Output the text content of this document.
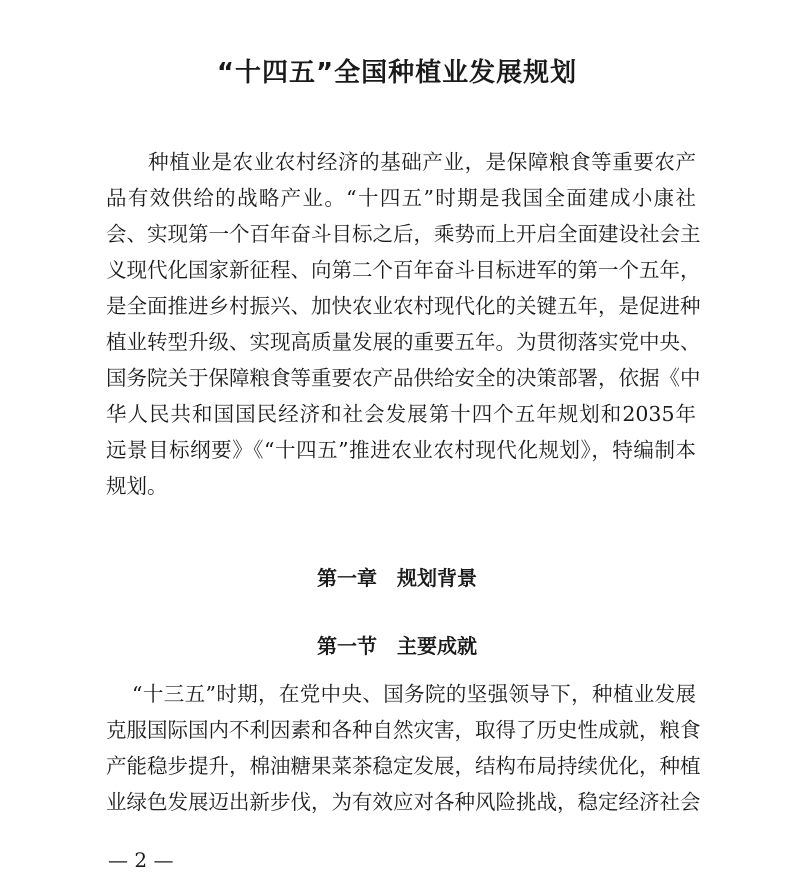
“十四五”全国种植业发展规划
　　种植业是农业农村经济的基础产业，是保障粮食等重要农产
品有效供给的战略产业。“十四五”时期是我国全面建成小康社
会、实现第一个百年奋斗目标之后，乘势而上开启全面建设社会主
义现代化国家新征程、向第二个百年奋斗目标进军的第一个五年，
是全面推进乡村振兴、加快农业农村现代化的关键五年，是促进种
植业转型升级、实现高质量发展的重要五年。为贯彻落实党中央、
国务院关于保障粮食等重要农产品供给安全的决策部署，依据《中
华人民共和国国民经济和社会发展第十四个五年规划和2035年
远景目标纲要》《“十四五”推进农业农村现代化规划》，特编制本
规划。
第一章　规划背景
第一节　主要成就
“十三五”时期，在党中央、国务院的坚强领导下，种植业发展
克服国际国内不利因素和各种自然灾害，取得了历史性成就，粮食
产能稳步提升，棉油糖果菜茶稳定发展，结构布局持续优化，种植
业绿色发展迈出新步伐，为有效应对各种风险挑战，稳定经济社会
— 2 —
